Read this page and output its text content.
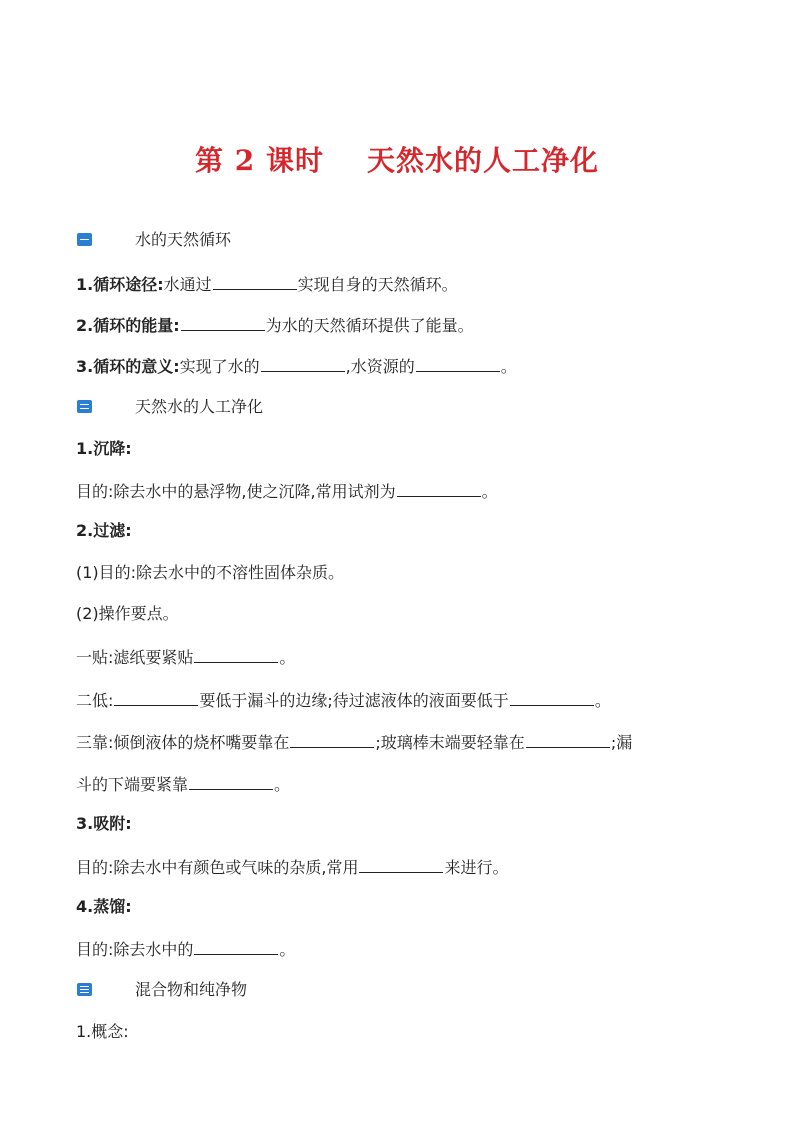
第 2 课时    天然水的人工净化
水的天然循环
1.循环途径:水通过	实现自身的天然循环。
2.循环的能量:	为水的天然循环提供了能量。
3.循环的意义:实现了水的	,水资源的	。
天然水的人工净化
1.沉降:
目的:除去水中的悬浮物,使之沉降,常用试剂为	。
2.过滤:
(1)目的:除去水中的不溶性固体杂质。
(2)操作要点。
一贴:滤纸要紧贴	。
二低:	要低于漏斗的边缘;待过滤液体的液面要低于	。
三靠:倾倒液体的烧杯嘴要靠在	;玻璃棒末端要轻靠在	;漏
斗的下端要紧靠	。
3.吸附:
目的:除去水中有颜色或气味的杂质,常用	来进行。
4.蒸馏:
目的:除去水中的	。
混合物和纯净物
1.概念:
